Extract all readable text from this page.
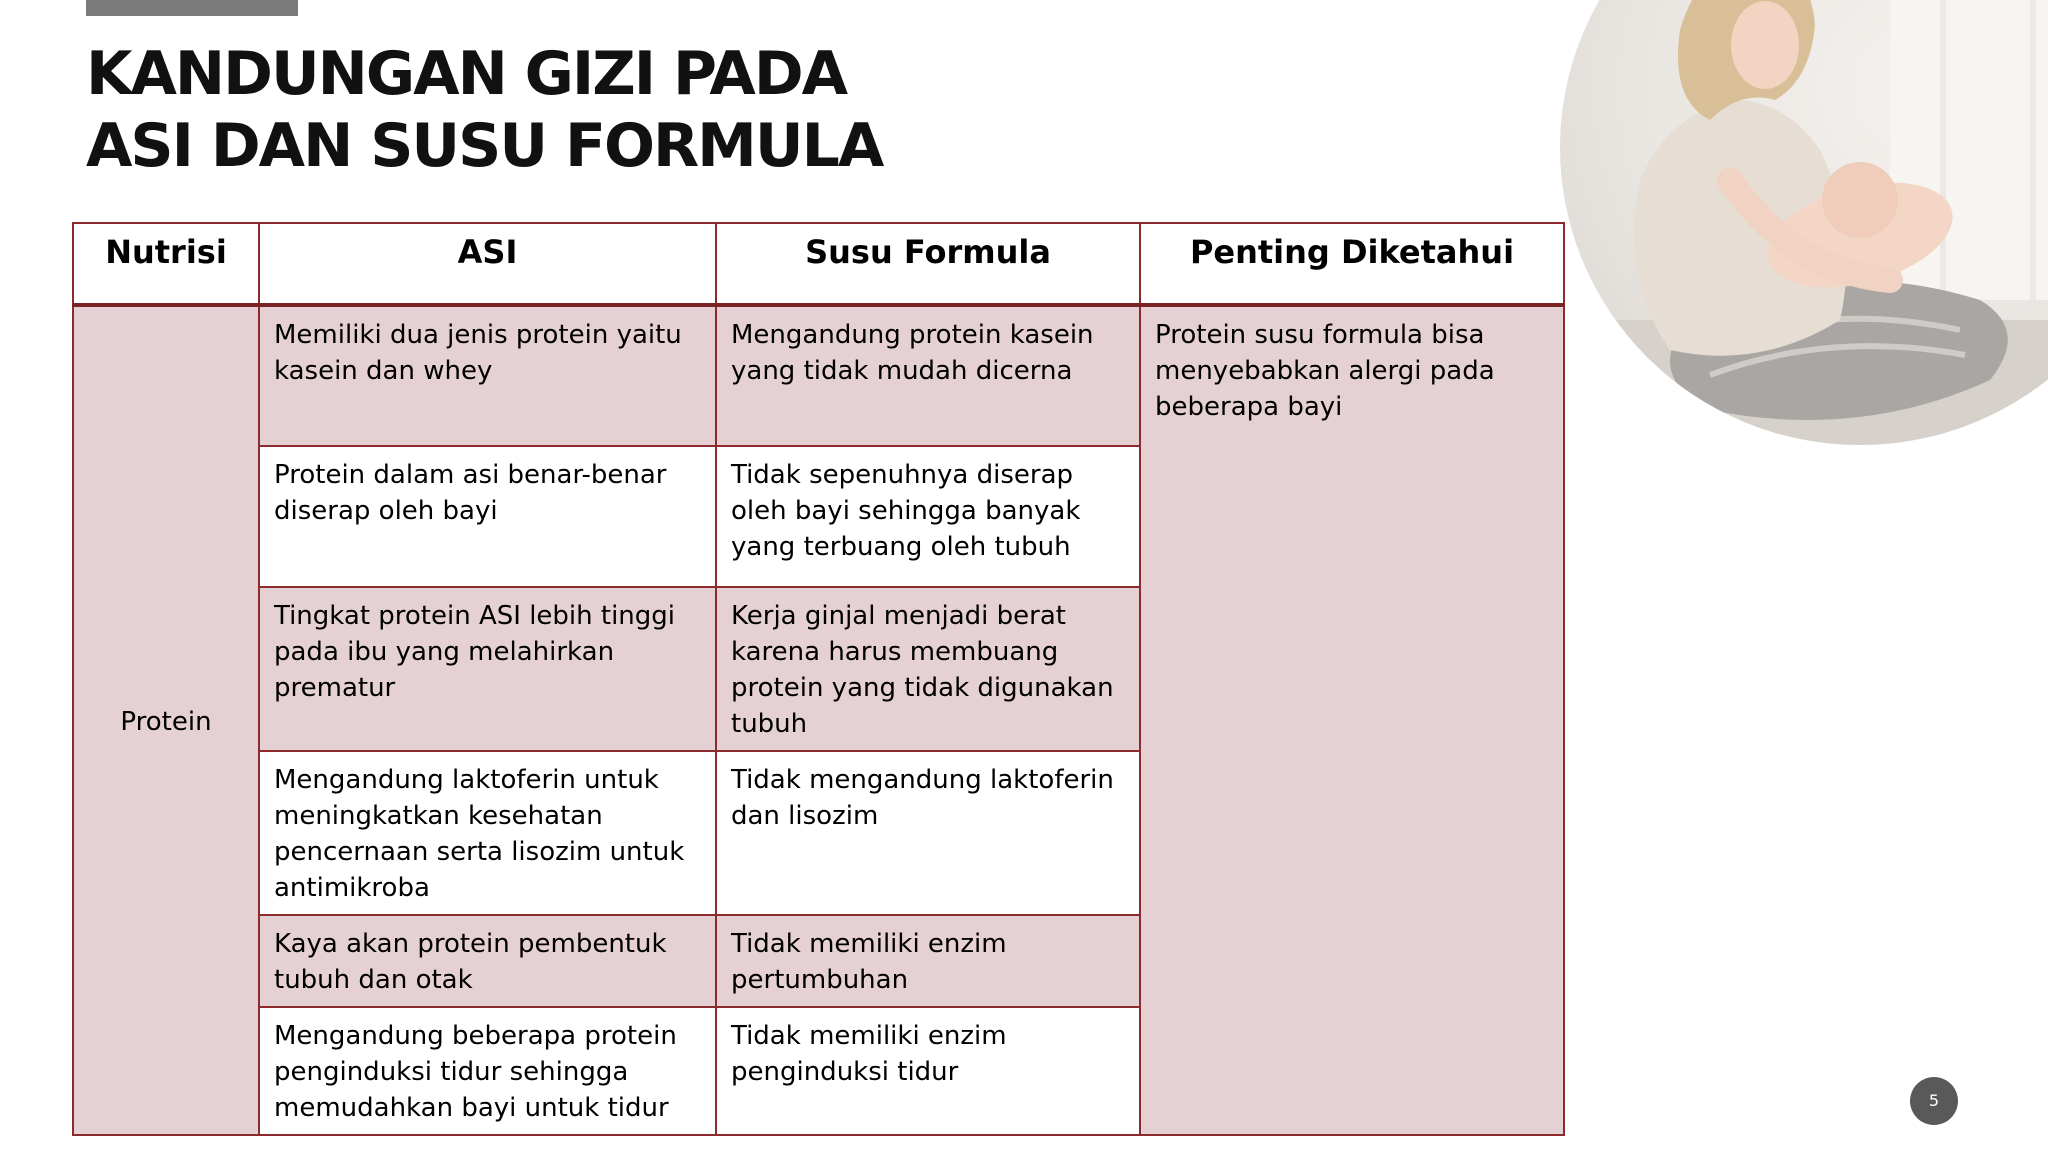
KANDUNGAN GIZI PADA
ASI DAN SUSU FORMULA
Nutrisi	ASI	Susu Formula	Penting Diketahui
Protein	Memiliki dua jenis protein yaitu kasein dan whey	Mengandung protein kasein yang tidak mudah dicerna	Protein susu formula bisa menyebabkan alergi pada beberapa bayi
	Protein dalam asi benar-benar diserap oleh bayi	Tidak sepenuhnya diserap oleh bayi sehingga banyak yang terbuang oleh tubuh	
	Tingkat protein ASI lebih tinggi pada ibu yang melahirkan prematur	Kerja ginjal menjadi berat karena harus membuang protein yang tidak digunakan tubuh	
	Mengandung laktoferin untuk meningkatkan kesehatan pencernaan serta lisozim untuk antimikroba	Tidak mengandung laktoferin dan lisozim	
	Kaya akan protein pembentuk tubuh dan otak	Tidak memiliki enzim pertumbuhan	
	Mengandung beberapa protein penginduksi tidur sehingga memudahkan bayi untuk tidur	Tidak memiliki enzim penginduksi tidur	
5
